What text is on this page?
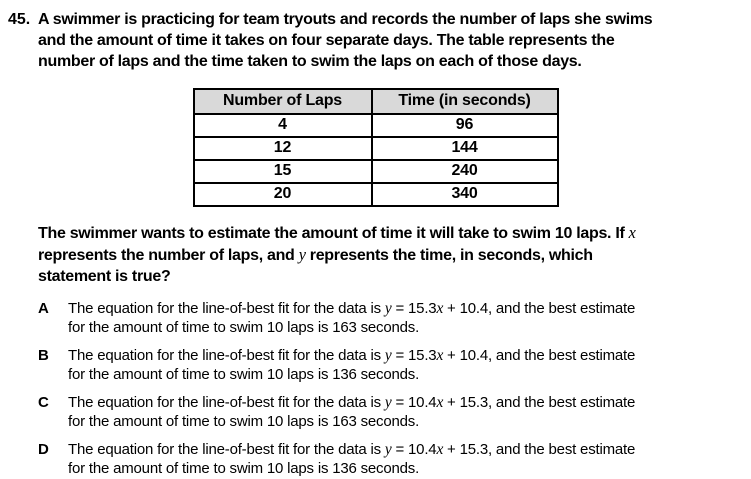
45. A swimmer is practicing for team tryouts and records the number of laps she swims
and the amount of time it takes on four separate days. The table represents the
number of laps and the time taken to swim the laps on each of those days.
Number of Laps	Time (in seconds)
4	96
12	144
15	240
20	340
The swimmer wants to estimate the amount of time it will take to swim 10 laps. If x
represents the number of laps, and y represents the time, in seconds, which
statement is true?
A	The equation for the line-of-best fit for the data is y = 15.3x + 10.4, and the best estimate
for the amount of time to swim 10 laps is 163 seconds.
B	The equation for the line-of-best fit for the data is y = 15.3x + 10.4, and the best estimate
for the amount of time to swim 10 laps is 136 seconds.
C	The equation for the line-of-best fit for the data is y = 10.4x + 15.3, and the best estimate
for the amount of time to swim 10 laps is 163 seconds.
D	The equation for the line-of-best fit for the data is y = 10.4x + 15.3, and the best estimate
for the amount of time to swim 10 laps is 136 seconds.
